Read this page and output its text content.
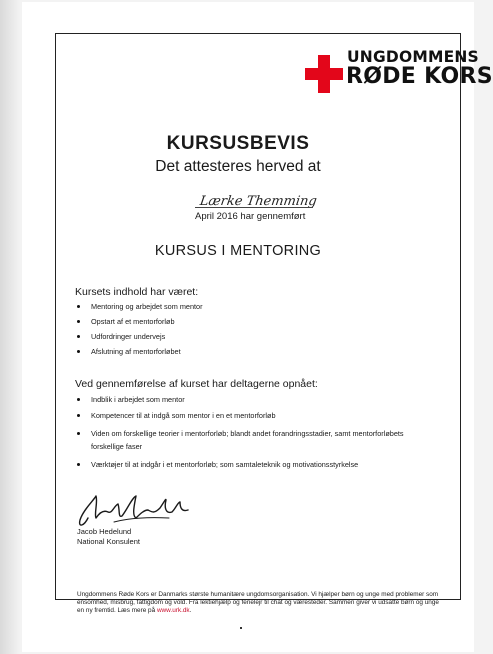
UNGDOMMENS
RØDE KORS
KURSUSBEVIS
Det attesteres herved at
Lærke Themming
April 2016 har gennemført
KURSUS I MENTORING
Kursets indhold har været:
Mentoring og arbejdet som mentor
Opstart af et mentorforløb
Udfordringer undervejs
Afslutning af mentorforløbet
Ved gennemførelse af kurset har deltagerne opnået:
Indblik i arbejdet som mentor
Kompetencer til at indgå som mentor i en et mentorforløb
Viden om forskellige teorier i mentorforløb; blandt andet forandringsstadier, samt mentorforløbets forskellige faser
Værktøjer til at indgår i et mentorforløb; som samtaleteknik og motivationsstyrkelse
Jacob Hedelund
National Konsulent
Ungdommens Røde Kors er Danmarks største humanitære ungdomsorganisation. Vi hjælper børn og unge med problemer som ensomhed, misbrug, fattigdom og vold. Fra lektiehjælp og ferielejr til chat og væresteder. Sammen giver vi udsatte børn og unge en ny fremtid. Læs mere på www.urk.dk.
